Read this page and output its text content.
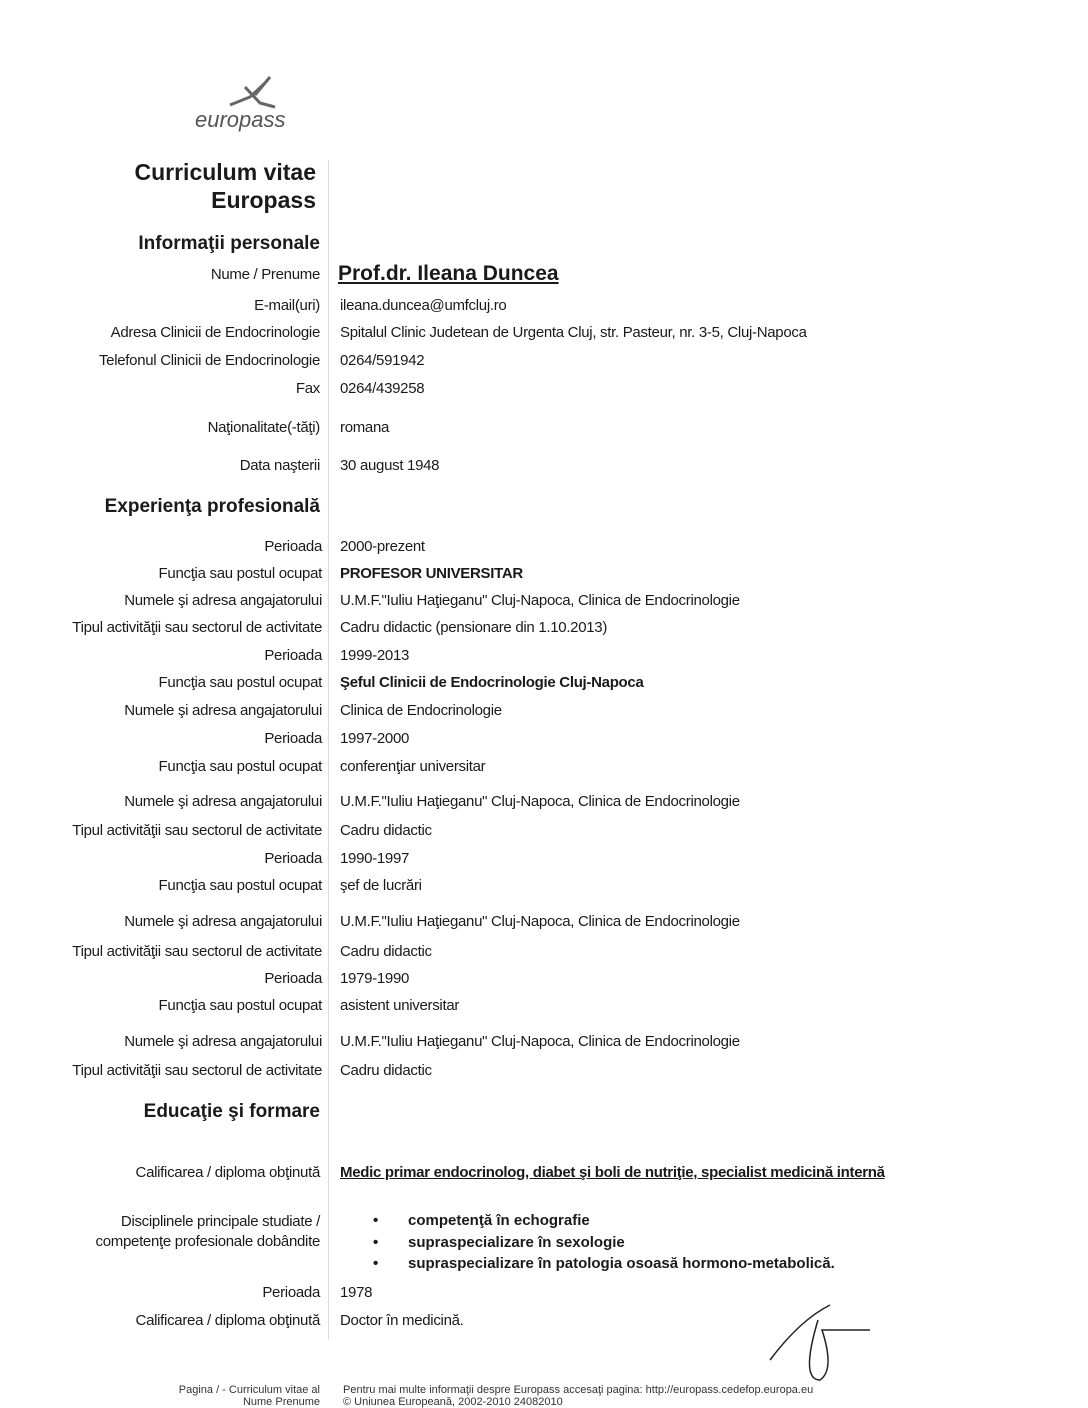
europass
Curriculum vitae
Europass
Informaţii personale
Nume / Prenume Prof.dr. Ileana Duncea
E-mail(uri) ileana.duncea@umfcluj.ro
Adresa Clinicii de Endocrinologie Spitalul Clinic Judetean de Urgenta Cluj, str. Pasteur, nr. 3-5, Cluj-Napoca
Telefonul Clinicii de Endocrinologie 0264/591942
Fax 0264/439258
Naţionalitate(-tăţi) romana
Data naşterii 30 august 1948
Experienţa profesională
Perioada 2000-prezent
Funcţia sau postul ocupat PROFESOR UNIVERSITAR
Numele şi adresa angajatorului U.M.F."Iuliu Haţieganu" Cluj-Napoca, Clinica de Endocrinologie
Tipul activităţii sau sectorul de activitate Cadru didactic (pensionare din 1.10.2013)
Perioada 1999-2013
Funcţia sau postul ocupat Şeful Clinicii de Endocrinologie Cluj-Napoca
Numele şi adresa angajatorului Clinica de Endocrinologie
Perioada 1997-2000
Funcţia sau postul ocupat conferenţiar universitar
Numele şi adresa angajatorului U.M.F."Iuliu Haţieganu" Cluj-Napoca, Clinica de Endocrinologie
Tipul activităţii sau sectorul de activitate Cadru didactic
Perioada 1990-1997
Funcţia sau postul ocupat şef de lucrări
Numele şi adresa angajatorului U.M.F."Iuliu Haţieganu" Cluj-Napoca, Clinica de Endocrinologie
Tipul activităţii sau sectorul de activitate Cadru didactic
Perioada 1979-1990
Funcţia sau postul ocupat asistent universitar
Numele şi adresa angajatorului U.M.F."Iuliu Haţieganu" Cluj-Napoca, Clinica de Endocrinologie
Tipul activităţii sau sectorul de activitate Cadru didactic
Educaţie şi formare
Calificarea / diploma obţinută Medic primar endocrinolog, diabet şi boli de nutriţie, specialist medicină internă
Disciplinele principale studiate /
competenţe profesionale dobândite
• competenţă în echografie
• supraspecializare în sexologie
• supraspecializare în patologia osoasă hormono-metabolică.
Perioada 1978
Calificarea / diploma obţinută Doctor în medicină.
Pagina / - Curriculum vitae al
Nume Prenume
Pentru mai multe informaţii despre Europass accesaţi pagina: http://europass.cedefop.europa.eu
© Uniunea Europeană, 2002-2010 24082010
